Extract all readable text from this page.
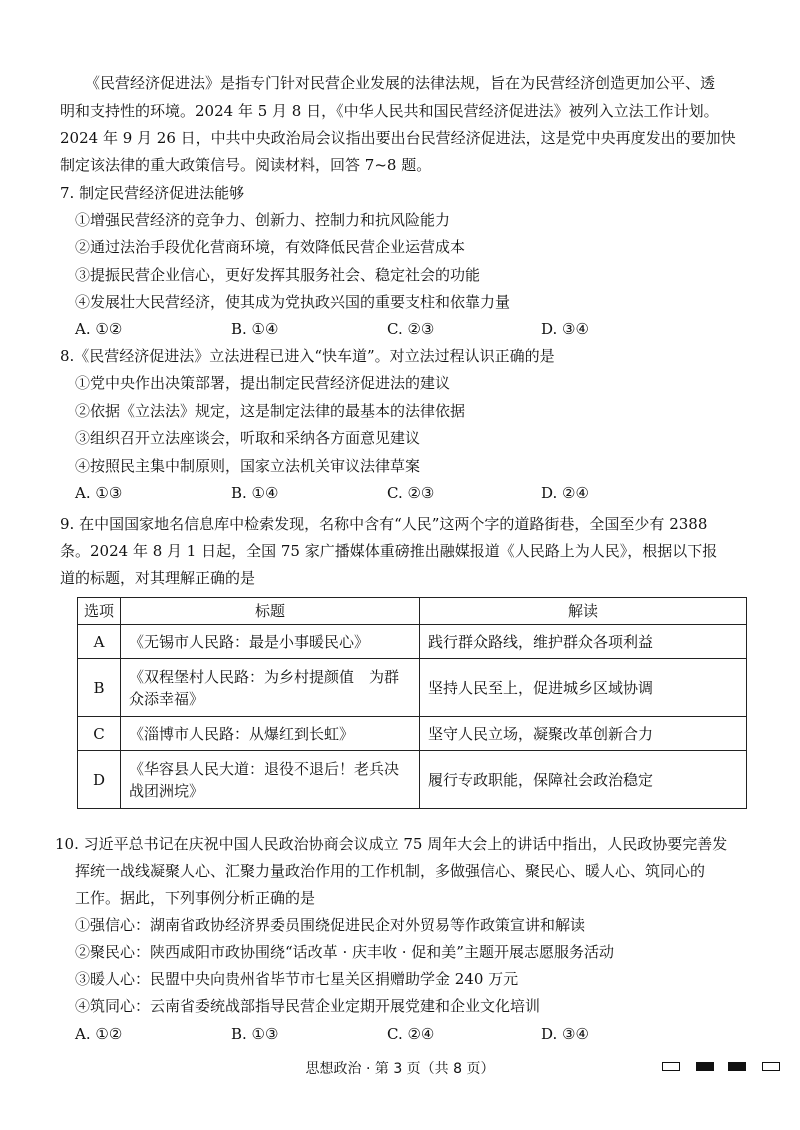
《民营经济促进法》是指专门针对民营企业发展的法律法规，旨在为民营经济创造更加公平、透
明和支持性的环境。2024 年 5 月 8 日，《中华人民共和国民营经济促进法》被列入立法工作计划。
2024 年 9 月 26 日，中共中央政治局会议指出要出台民营经济促进法，这是党中央再度发出的要加快
制定该法律的重大政策信号。阅读材料，回答 7~8 题。
7. 制定民营经济促进法能够
①增强民营经济的竞争力、创新力、控制力和抗风险能力
②通过法治手段优化营商环境，有效降低民营企业运营成本
③提振民营企业信心，更好发挥其服务社会、稳定社会的功能
④发展壮大民营经济，使其成为党执政兴国的重要支柱和依靠力量
A. ①②	B. ①④	C. ②③	D. ③④
8.《民营经济促进法》立法进程已进入“快车道”。对立法过程认识正确的是
①党中央作出决策部署，提出制定民营经济促进法的建议
②依据《立法法》规定，这是制定法律的最基本的法律依据
③组织召开立法座谈会，听取和采纳各方面意见建议
④按照民主集中制原则，国家立法机关审议法律草案
A. ①③	B. ①④	C. ②③	D. ②④
9. 在中国国家地名信息库中检索发现，名称中含有“人民”这两个字的道路街巷，全国至少有 2388
条。2024 年 8 月 1 日起，全国 75 家广播媒体重磅推出融媒报道《人民路上为人民》，根据以下报
道的标题，对其理解正确的是
选项	标题	解读
A	《无锡市人民路：最是小事暖民心》	践行群众路线，维护群众各项利益
B	《双程堡村人民路：为乡村提颜值　为群众添幸福》	坚持人民至上，促进城乡区域协调
C	《淄博市人民路：从爆红到长虹》	坚守人民立场，凝聚改革创新合力
D	《华容县人民大道：退役不退后！老兵决战团洲垸》	履行专政职能，保障社会政治稳定
10. 习近平总书记在庆祝中国人民政治协商会议成立 75 周年大会上的讲话中指出，人民政协要完善发
挥统一战线凝聚人心、汇聚力量政治作用的工作机制，多做强信心、聚民心、暖人心、筑同心的
工作。据此，下列事例分析正确的是
①强信心：湖南省政协经济界委员围绕促进民企对外贸易等作政策宣讲和解读
②聚民心：陕西咸阳市政协围绕“话改革 · 庆丰收 · 促和美”主题开展志愿服务活动
③暖人心：民盟中央向贵州省毕节市七星关区捐赠助学金 240 万元
④筑同心：云南省委统战部指导民营企业定期开展党建和企业文化培训
A. ①②	B. ①③	C. ②④	D. ③④
思想政治 · 第 3 页（共 8 页）
